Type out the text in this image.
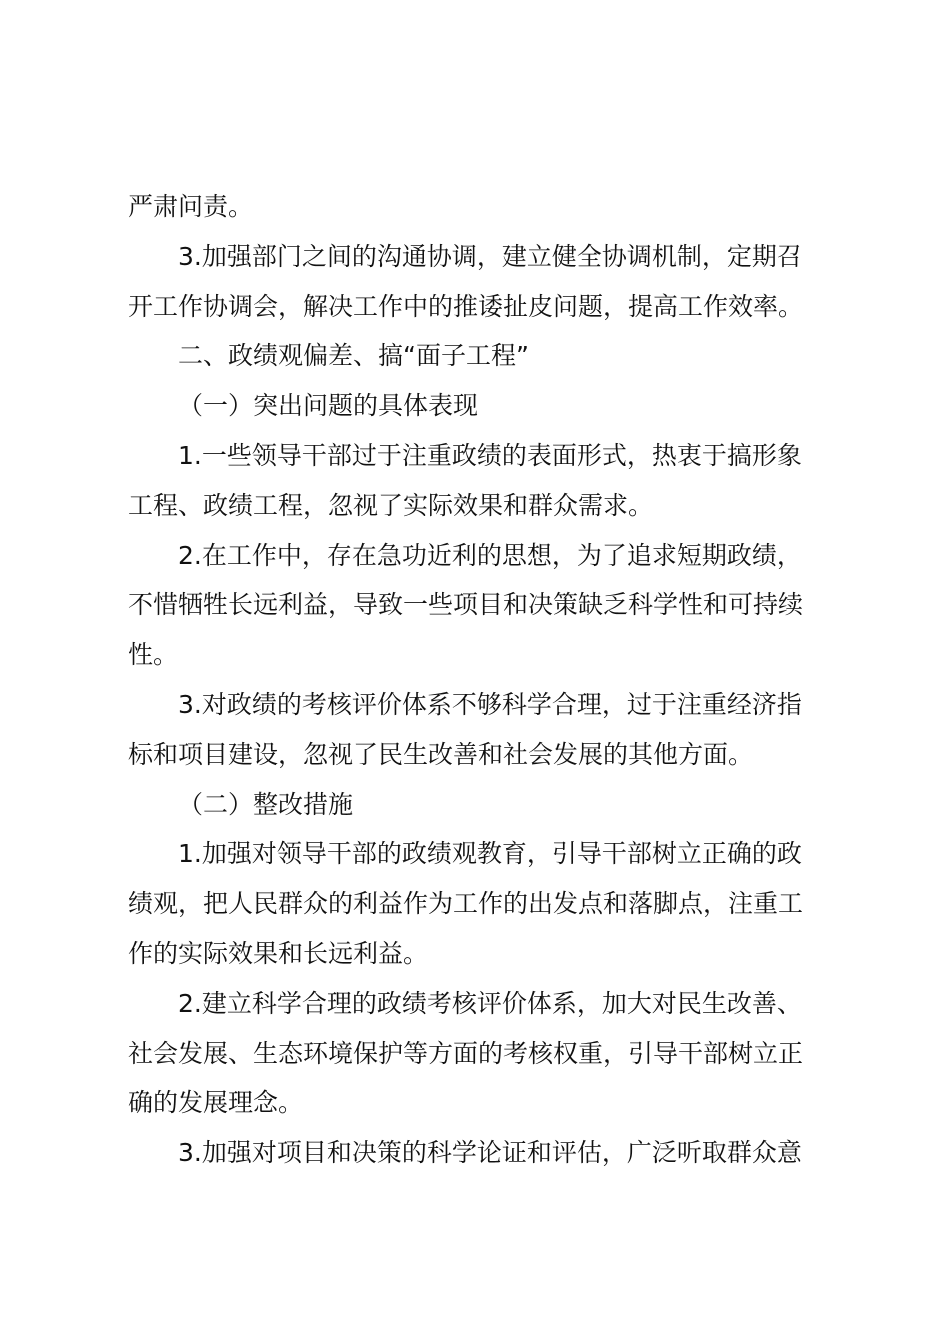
严肃问责。
3.加强部门之间的沟通协调，建立健全协调机制，定期召
开工作协调会，解决工作中的推诿扯皮问题，提高工作效率。
二、政绩观偏差、搞“面子工程”
（一）突出问题的具体表现
1.一些领导干部过于注重政绩的表面形式，热衷于搞形象
工程、政绩工程，忽视了实际效果和群众需求。
2.在工作中，存在急功近利的思想，为了追求短期政绩，
不惜牺牲长远利益，导致一些项目和决策缺乏科学性和可持续
性。
3.对政绩的考核评价体系不够科学合理，过于注重经济指
标和项目建设，忽视了民生改善和社会发展的其他方面。
（二）整改措施
1.加强对领导干部的政绩观教育，引导干部树立正确的政
绩观，把人民群众的利益作为工作的出发点和落脚点，注重工
作的实际效果和长远利益。
2.建立科学合理的政绩考核评价体系，加大对民生改善、
社会发展、生态环境保护等方面的考核权重，引导干部树立正
确的发展理念。
3.加强对项目和决策的科学论证和评估，广泛听取群众意
